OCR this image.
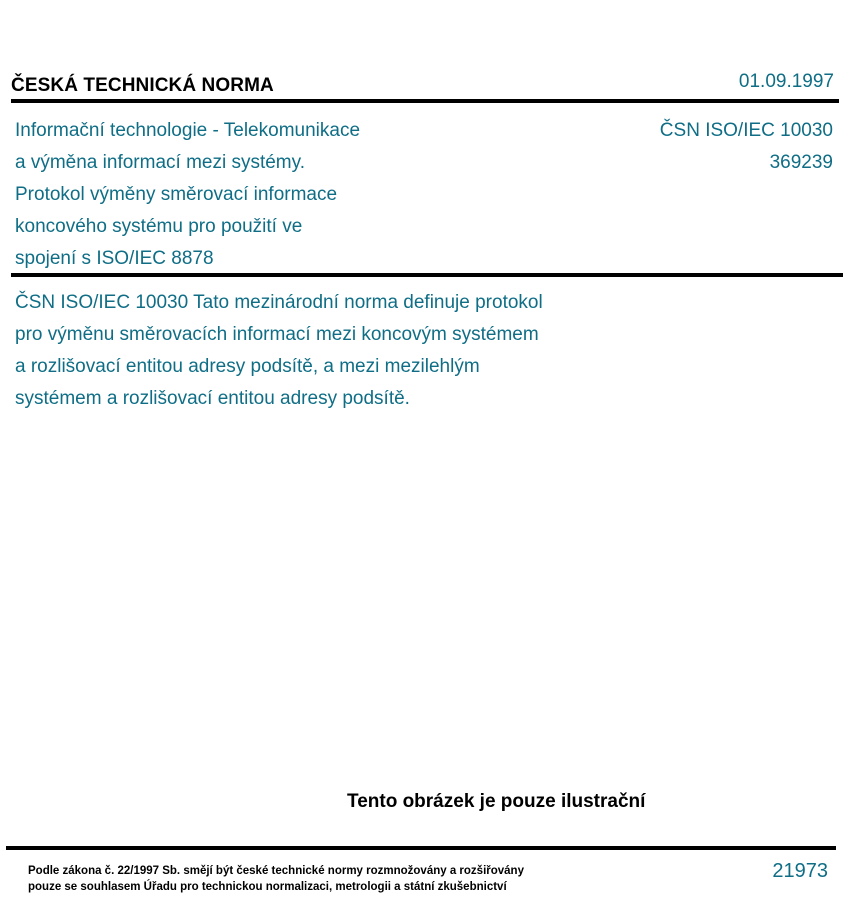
ČESKÁ TECHNICKÁ NORMA	01.09.1997
Informační technologie - Telekomunikace
a výměna informací mezi systémy.
Protokol výměny směrovací informace
koncového systému pro použití ve
spojení s ISO/IEC 8878
ČSN ISO/IEC 10030
369239
ČSN ISO/IEC 10030 Tato mezinárodní norma definuje protokol
pro výměnu směrovacích informací mezi koncovým systémem
a rozlišovací entitou adresy podsítě, a mezi mezilehlým
systémem a rozlišovací entitou adresy podsítě.
Tento obrázek je pouze ilustrační
Podle zákona č. 22/1997 Sb. smějí být české technické normy rozmnožovány a rozšiřovány
pouze se souhlasem Úřadu pro technickou normalizaci, metrologii a státní zkušebnictví
21973
